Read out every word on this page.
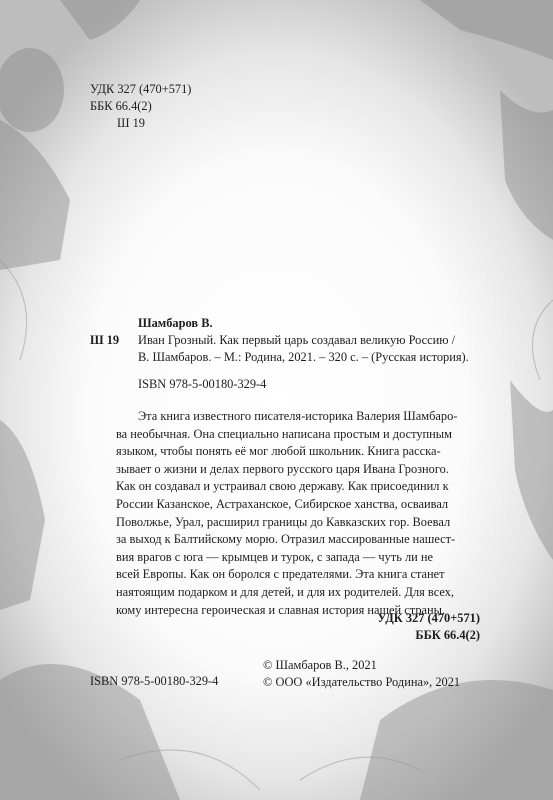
УДК 327 (470+571)
ББК 66.4(2)
Ш 19
Шамбаров В.
Ш 19 Иван Грозный. Как первый царь создавал великую Россию /
В. Шамбаров. – М.: Родина, 2021. – 320 с. – (Русская история).
ISBN 978-5-00180-329-4
Эта книга известного писателя-историка Валерия Шамбаро-
ва необычная. Она специально написана простым и доступным
языком, чтобы понять её мог любой школьник. Книга расска-
зывает о жизни и делах первого русского царя Ивана Грозного.
Как он создавал и устраивал свою державу. Как присоединил к
России Казанское, Астраханское, Сибирское ханства, осваивал
Поволжье, Урал, расширил границы до Кавказских гор. Воевал
за выход к Балтийскому морю. Отразил массированные нашест-
вия врагов с юга — крымцев и турок, с запада — чуть ли не
всей Европы. Как он боролся с предателями. Эта книга станет
наятоящим подарком и для детей, и для их родителей. Для всех,
кому интересна героическая и славная история нашей страны.
УДК 327 (470+571)
ББК 66.4(2)
© Шамбаров В., 2021
© ООО «Издательство Родина», 2021
ISBN 978-5-00180-329-4
